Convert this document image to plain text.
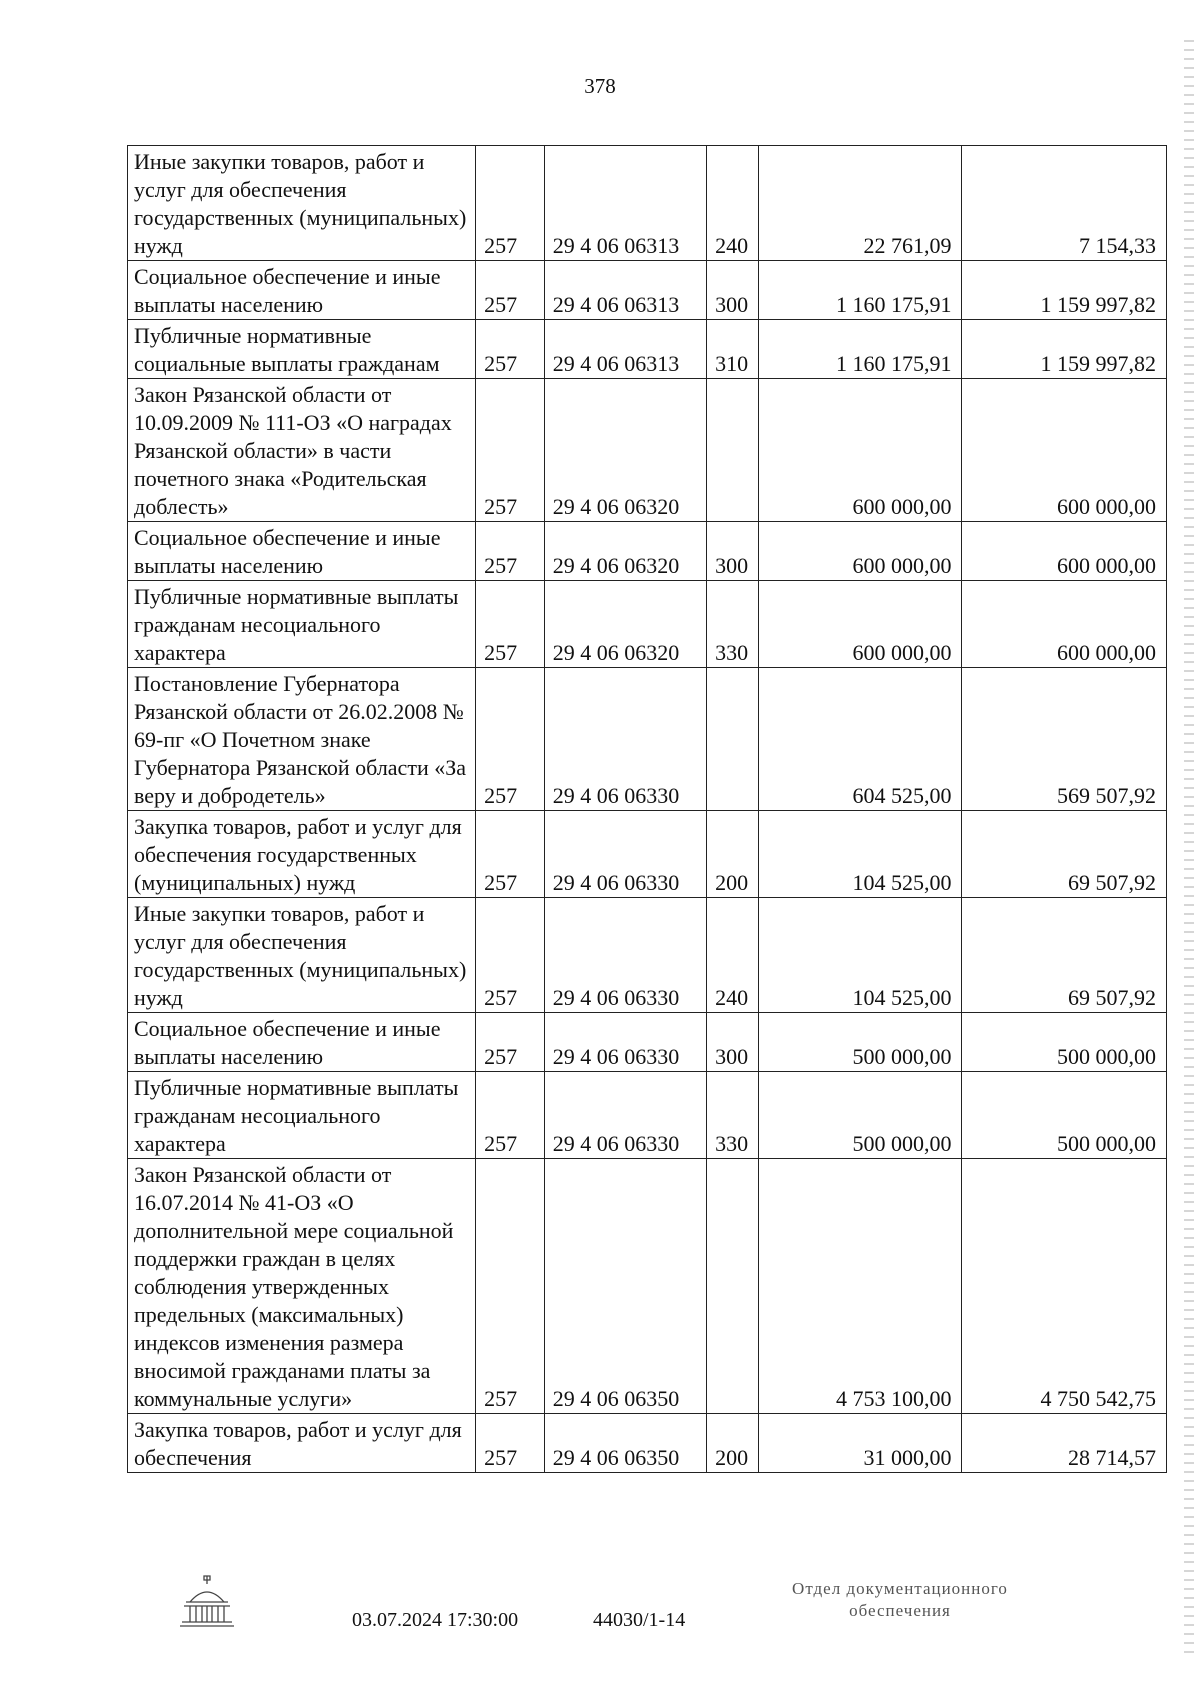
378
Иные закупки товаров, работ и услуг для обеспечения государственных (муниципальных) нужд	257	29 4 06 06313	240	22 761,09	7 154,33
Социальное обеспечение и иные выплаты населению	257	29 4 06 06313	300	1 160 175,91	1 159 997,82
Публичные нормативные социальные выплаты гражданам	257	29 4 06 06313	310	1 160 175,91	1 159 997,82
Закон Рязанской области от 10.09.2009 № 111-ОЗ «О наградах Рязанской области» в части почетного знака «Родительская доблесть»	257	29 4 06 06320		600 000,00	600 000,00
Социальное обеспечение и иные выплаты населению	257	29 4 06 06320	300	600 000,00	600 000,00
Публичные нормативные выплаты гражданам несоциального характера	257	29 4 06 06320	330	600 000,00	600 000,00
Постановление Губернатора Рязанской области от 26.02.2008 № 69-пг «О Почетном знаке Губернатора Рязанской области «За веру и добродетель»	257	29 4 06 06330		604 525,00	569 507,92
Закупка товаров, работ и услуг для обеспечения государственных (муниципальных) нужд	257	29 4 06 06330	200	104 525,00	69 507,92
Иные закупки товаров, работ и услуг для обеспечения государственных (муниципальных) нужд	257	29 4 06 06330	240	104 525,00	69 507,92
Социальное обеспечение и иные выплаты населению	257	29 4 06 06330	300	500 000,00	500 000,00
Публичные нормативные выплаты гражданам несоциального характера	257	29 4 06 06330	330	500 000,00	500 000,00
Закон Рязанской области от 16.07.2014 № 41-ОЗ «О дополнительной мере социальной поддержки граждан в целях соблюдения утвержденных предельных (максимальных) индексов изменения размера вносимой гражданами платы за коммунальные услуги»	257	29 4 06 06350		4 753 100,00	4 750 542,75
Закупка товаров, работ и услуг для обеспечения	257	29 4 06 06350	200	31 000,00	28 714,57
03.07.2024 17:30:00	44030/1-14
Отдел документационного
обеспечения
